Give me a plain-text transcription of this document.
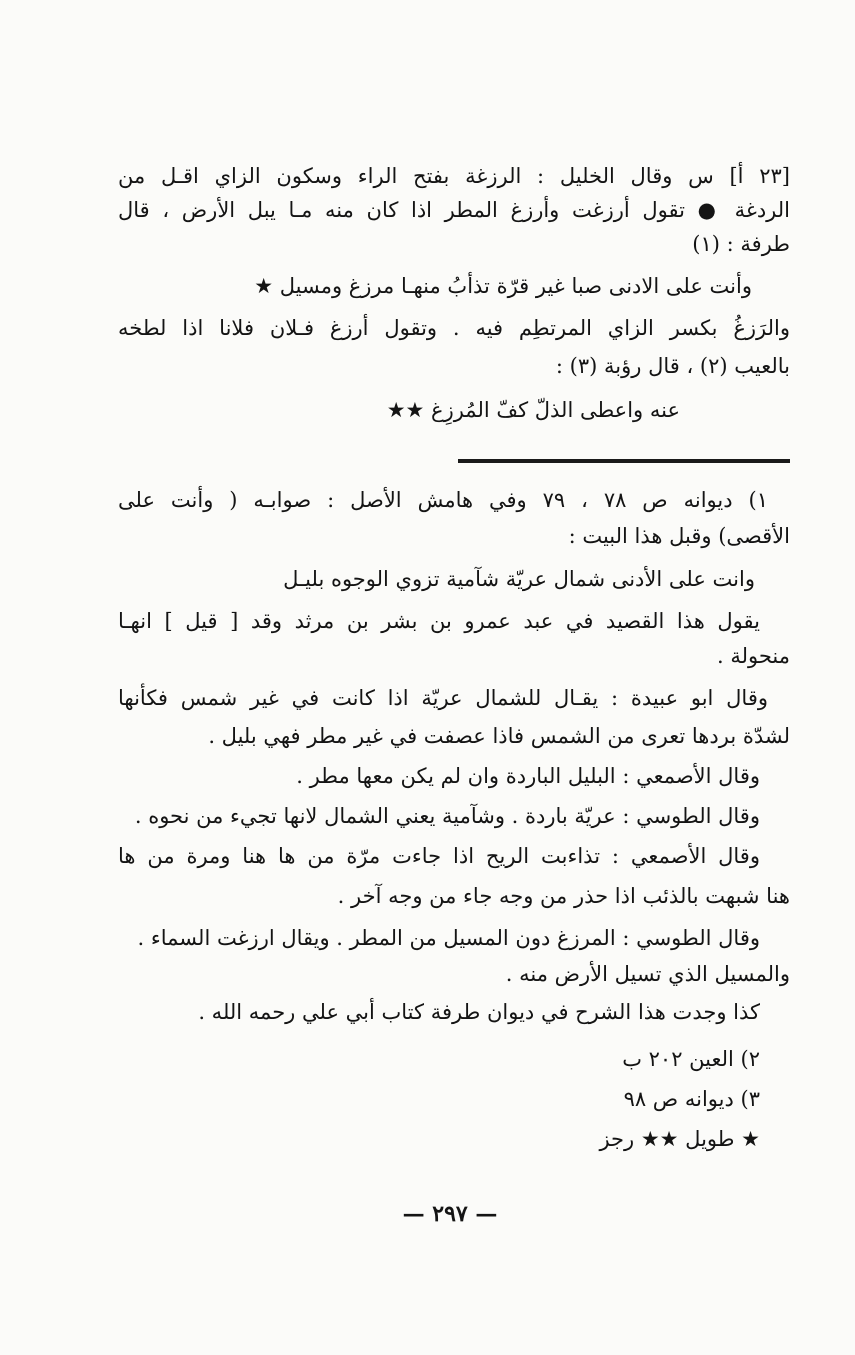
[٢٣ أ] س وقال الخليل : الرزغة بفتح الراء وسكون الزاي اقـل من
الردغة ● تقول أرزغت وأرزغ المطر اذا كان منه مـا يبل الأرض ، قال
طرفة : (١)
وأنت على الادنى صبا غير قرّة تذأبُ منهـا مرزغ ومسيل ★
والرَزغُ بكسر الزاي المرتطِم فيه . وتقول أرزغ فـلان فلانا اذا لطخه
بالعيب (٢) ، قال رؤبة (٣) :
عنه واعطى الذلّ كفّ المُرزِغ ★★
١) ديوانه ص ٧٨ ، ٧٩ وفي هامش الأصل : صوابـه ( وأنت على
الأقصى) وقبل هذا البيت :
وانت على الأدنى شمال عريّة شآمية تزوي الوجوه بليـل
يقول هذا القصيد في عبد عمرو بن بشر بن مرثد وقد [ قيل ] انهـا
منحولة .
وقال ابو عبيدة : يقـال للشمال عريّة اذا كانت في غير شمس فكأنها
لشدّة بردها تعرى من الشمس فاذا عصفت في غير مطر فهي بليل .
وقال الأصمعي : البليل الباردة وان لم يكن معها مطر .
وقال الطوسي : عريّة باردة . وشآمية يعني الشمال لانها تجيء من نحوه .
وقال الأصمعي : تذاءبت الريح اذا جاءت مرّة من ها هنا ومرة من ها
هنا شبهت بالذئب اذا حذر من وجه جاء من وجه آخر .
وقال الطوسي : المرزغ دون المسيل من المطر . ويقال ارزغت السماء .
والمسيل الذي تسيل الأرض منه .
كذا وجدت هذا الشرح في ديوان طرفة كتاب أبي علي رحمه الله .
٢) العين ٢٠٢ ب
٣) ديوانه ص ٩٨
★ طويل ★★ رجز
— ٢٩٧ —
